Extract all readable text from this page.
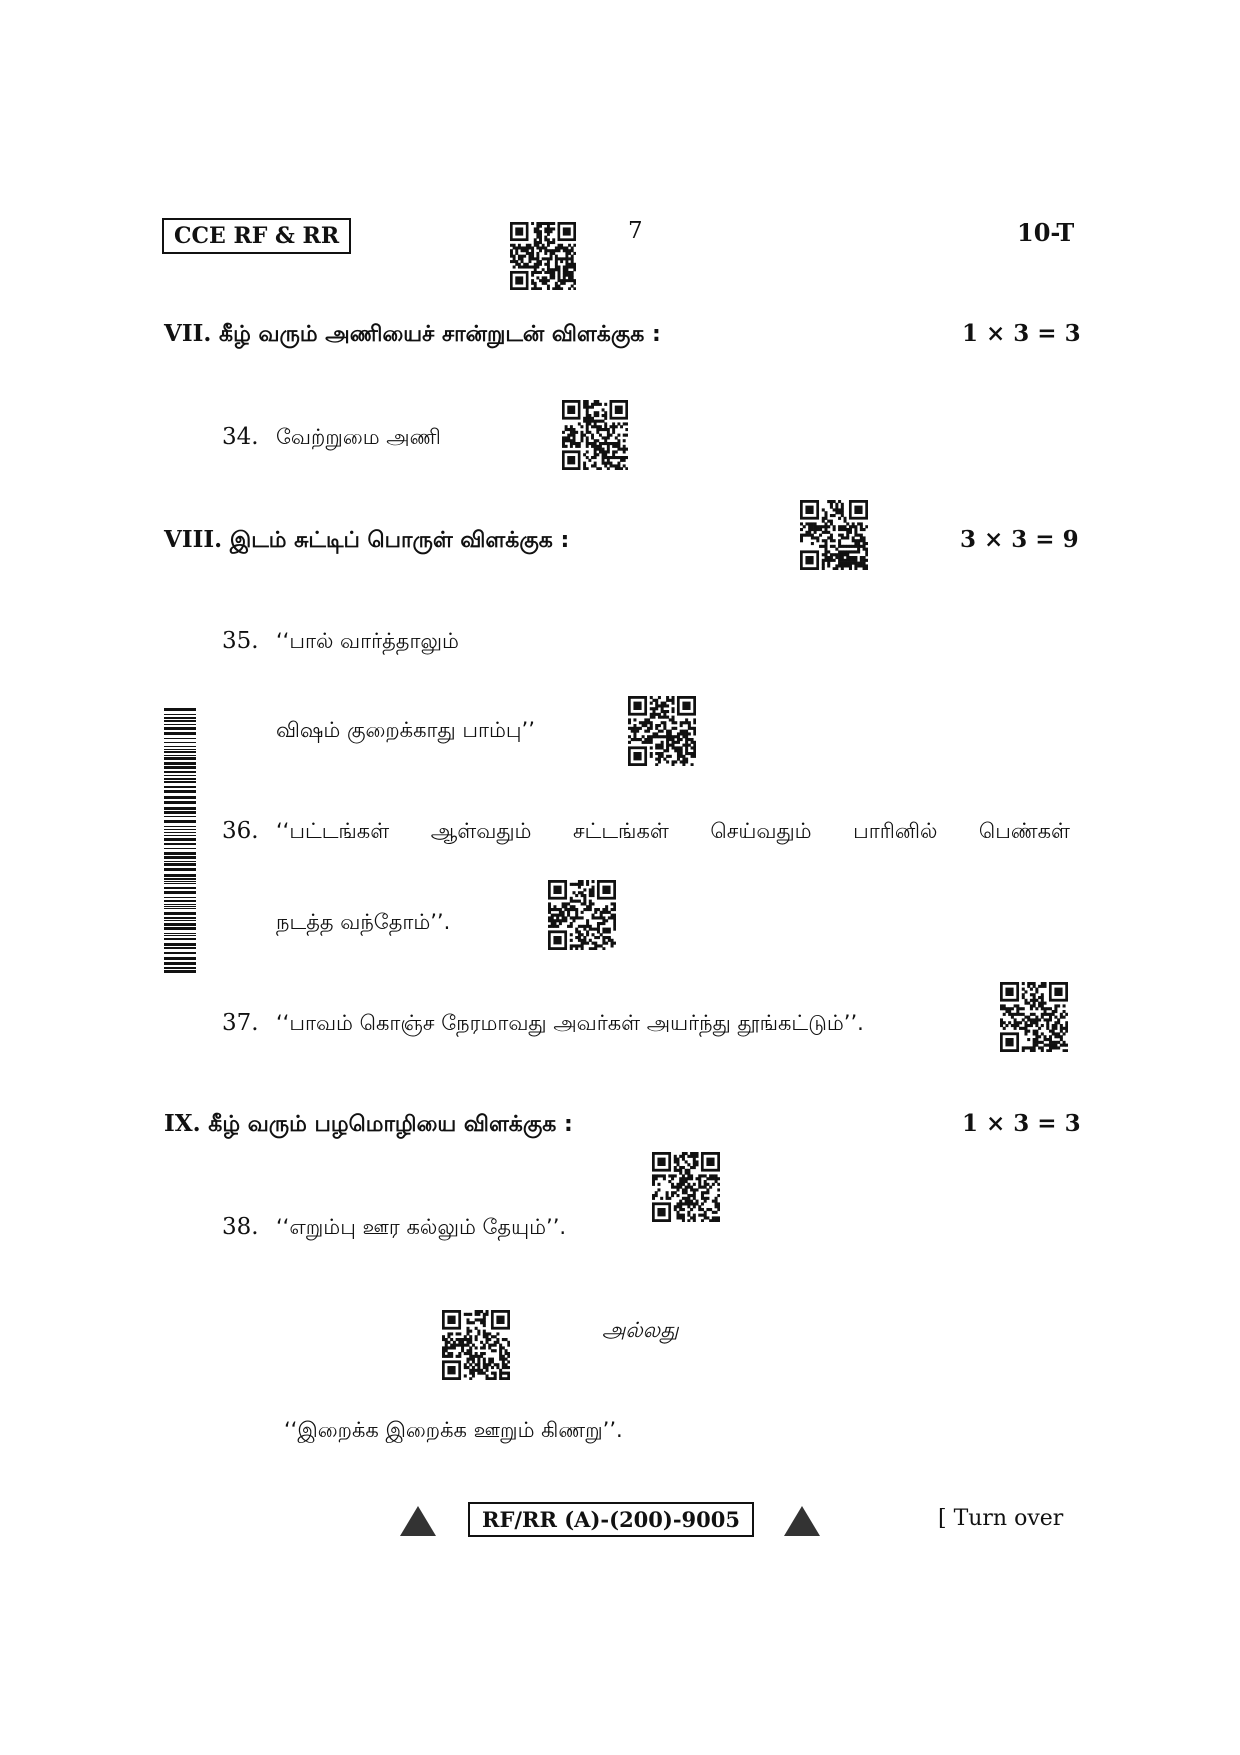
CCE RF & RR	7	10-T
VII. கீழ் வரும் அணியைச் சான்றுடன் விளக்குக :	1 × 3 = 3
34. வேற்றுமை அணி
VIII. இடம் சுட்டிப் பொருள் விளக்குக :	3 × 3 = 9
35. ‘‘பால் வார்த்தாலும்
விஷம் குறைக்காது பாம்பு’’
36. ‘‘பட்டங்கள் ஆள்வதும் சட்டங்கள் செய்வதும் பாரினில் பெண்கள்
நடத்த வந்தோம்’’.
37. ‘‘பாவம் கொஞ்ச நேரமாவது அவர்கள் அயர்ந்து தூங்கட்டும்’’.
IX. கீழ் வரும் பழமொழியை விளக்குக :	1 × 3 = 3
38. ‘‘எறும்பு ஊர கல்லும் தேயும்’’.
அல்லது
‘‘இறைக்க இறைக்க ஊறும் கிணறு’’.
RF/RR (A)-(200)-9005	[ Turn over
